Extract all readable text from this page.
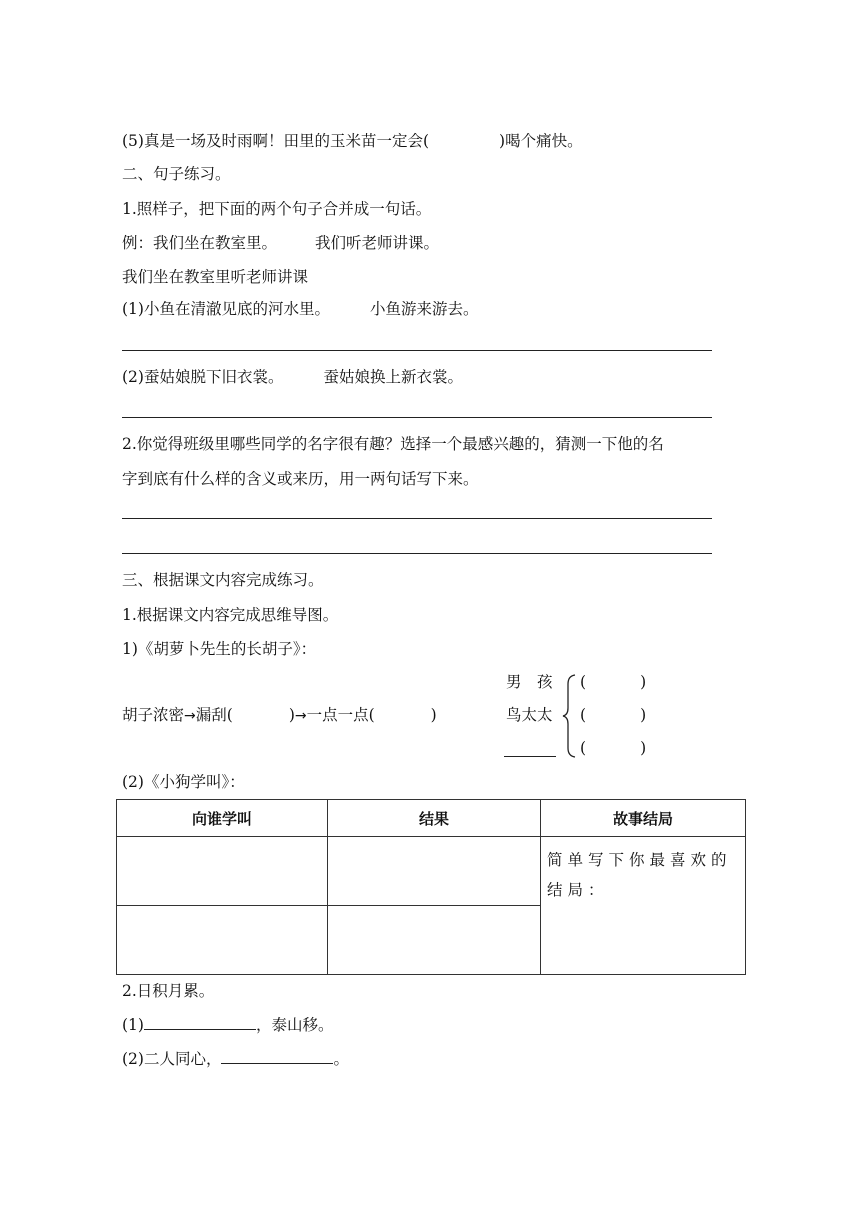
(5)真是一场及时雨啊！田里的玉米苗一定会(	)喝个痛快。
二、句子练习。
1.照样子，把下面的两个句子合并成一句话。
例：我们坐在教室里。 我们听老师讲课。
我们坐在教室里听老师讲课
(1)小鱼在清澈见底的河水里。	小鱼游来游去。
(2)蚕姑娘脱下旧衣裳。	蚕姑娘换上新衣裳。
2.你觉得班级里哪些同学的名字很有趣？选择一个最感兴趣的，猜测一下他的名
字到底有什么样的含义或来历，用一两句话写下来。
三、根据课文内容完成练习。
1.根据课文内容完成思维导图。
1)《胡萝卜先生的长胡子》：
胡子浓密→漏刮(	)→一点一点(	)
男　孩
鸟太太
(	)
(	)
(	)
(2)《小狗学叫》：
向谁学叫	结果	故事结局
		简单写下你最喜欢的结局：

2.日积月累。
(1)	，泰山移。
(2)二人同心，	。
